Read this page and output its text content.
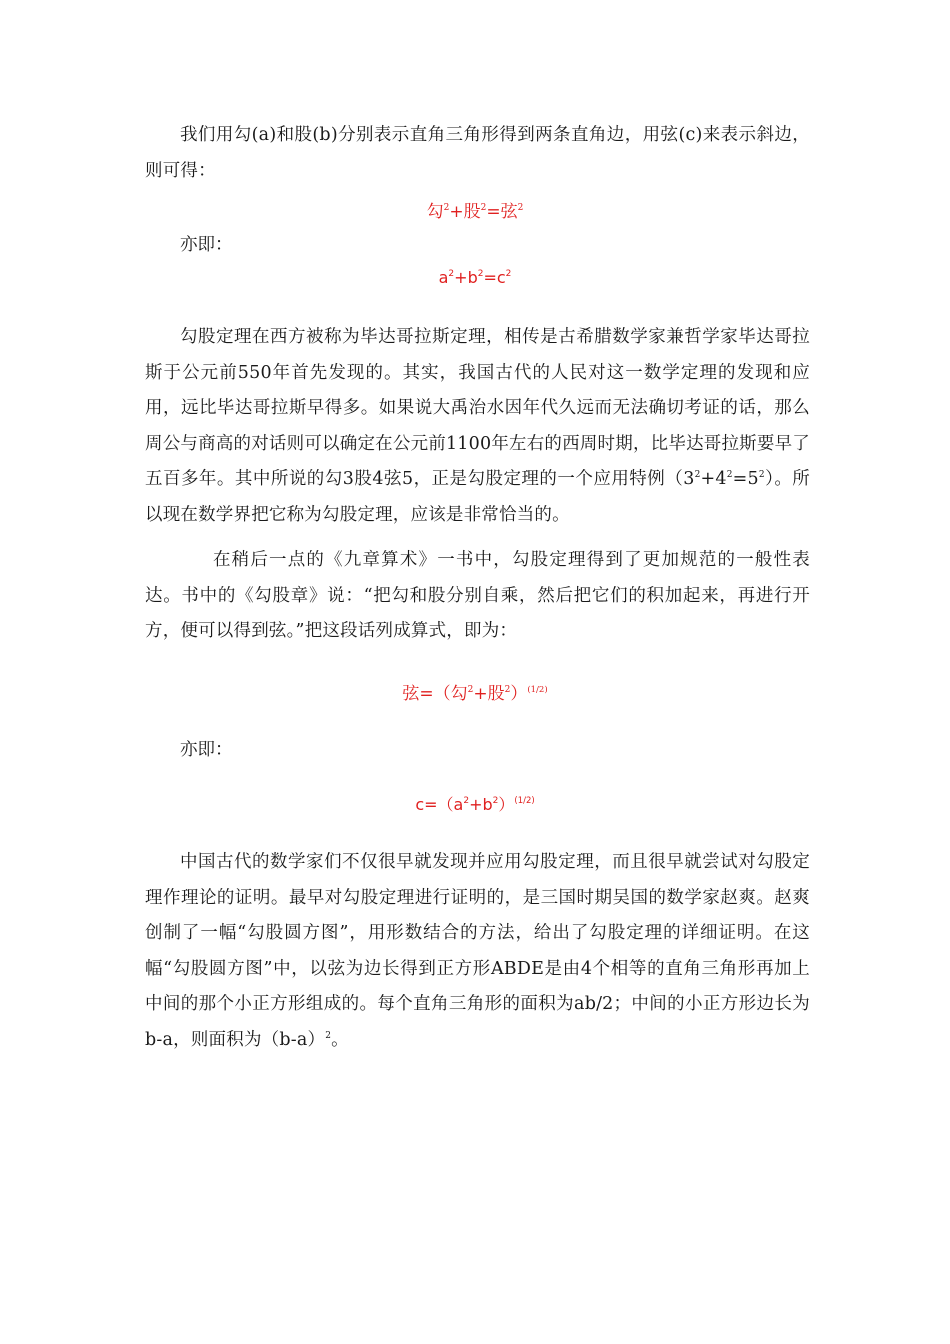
我们用勾(a)和股(b)分别表示直角三角形得到两条直角边，用弦(c)来表示斜边，则可得：

勾$^2$+股$^2$=弦$^2$

亦即：

$a^2+b^2=c^2$

勾股定理在西方被称为毕达哥拉斯定理，相传是古希腊数学家兼哲学家毕达哥拉斯于公元前550年首先发现的。其实，我国古代的人民对这一数学定理的发现和应用，远比毕达哥拉斯早得多。如果说大禹治水因年代久远而无法确切考证的话，那么周公与商高的对话则可以确定在公元前1100年左右的西周时期，比毕达哥拉斯要早了五百多年。其中所说的勾3股4弦5，正是勾股定理的一个应用特例$(3^2+4^2=5^2)$。所以现在数学界把它称为勾股定理，应该是非常恰当的。

在稍后一点的《九章算术》一书中，勾股定理得到了更加规范的一般性表达。书中的《勾股章》说：“把勾和股分别自乘，然后把它们的积加起来，再进行开方，便可以得到弦。”把这段话列成算式，即为：

弦=（勾$^2$+股$^2$）$^{(1/2)}$

亦即：

$c=(a^2+b^2)^{(1/2)}$

中国古代的数学家们不仅很早就发现并应用勾股定理，而且很早就尝试对勾股定理作理论的证明。最早对勾股定理进行证明的，是三国时期吴国的数学家赵爽。赵爽创制了一幅“勾股圆方图”，用形数结合的方法，给出了勾股定理的详细证明。在这幅“勾股圆方图”中，以弦为边长得到正方形ABDE是由4个相等的直角三角形再加上中间的那个小正方形组成的。每个直角三角形的面积为ab/2；中间的小正方形边长为b-a，则面积为$(b-a)^2$。
